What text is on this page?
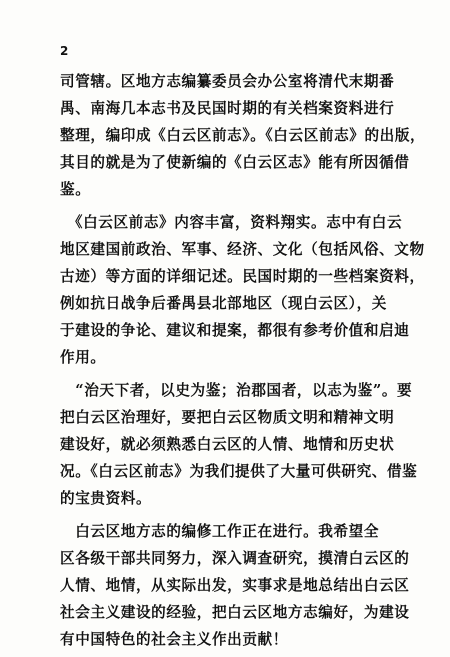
2
司管辖。区地方志编纂委员会办公室将清代末期番
禺、南海几本志书及民国时期的有关档案资料进行
整理，编印成《白云区前志》。《白云区前志》的出版，
其目的就是为了使新编的《白云区志》能有所因循借
鉴。
　《白云区前志》内容丰富，资料翔实。志中有白云
地区建国前政治、军事、经济、文化（包括风俗、文物
古迹）等方面的详细记述。民国时期的一些档案资料，
例如抗日战争后番禺县北部地区（现白云区），关
于建设的争论、建议和提案，都很有参考价值和启迪
作用。
　“治天下者，以史为鉴；治郡国者，以志为鉴”。要
把白云区治理好，要把白云区物质文明和精神文明
建设好，就必须熟悉白云区的人情、地情和历史状
况。《白云区前志》为我们提供了大量可供研究、借鉴
的宝贵资料。
　白云区地方志的编修工作正在进行。我希望全
区各级干部共同努力，深入调查研究，摸清白云区的
人情、地情，从实际出发，实事求是地总结出白云区
社会主义建设的经验，把白云区地方志编好，为建设
有中国特色的社会主义作出贡献！
